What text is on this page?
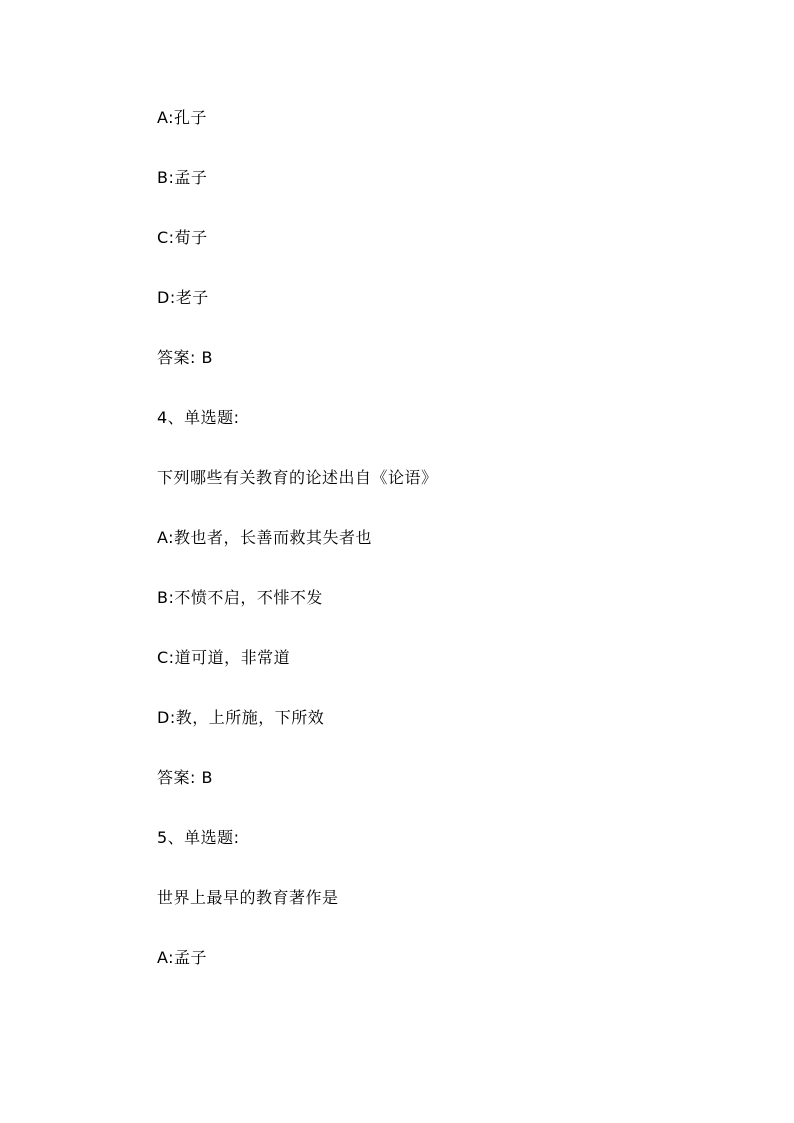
A:孔子
B:孟子
C:荀子
D:老子
答案: B
4、单选题:
下列哪些有关教育的论述出自《论语》
A:教也者，长善而救其失者也
B:不愤不启，不悱不发
C:道可道，非常道
D:教，上所施，下所效
答案: B
5、单选题:
世界上最早的教育著作是
A:孟子
